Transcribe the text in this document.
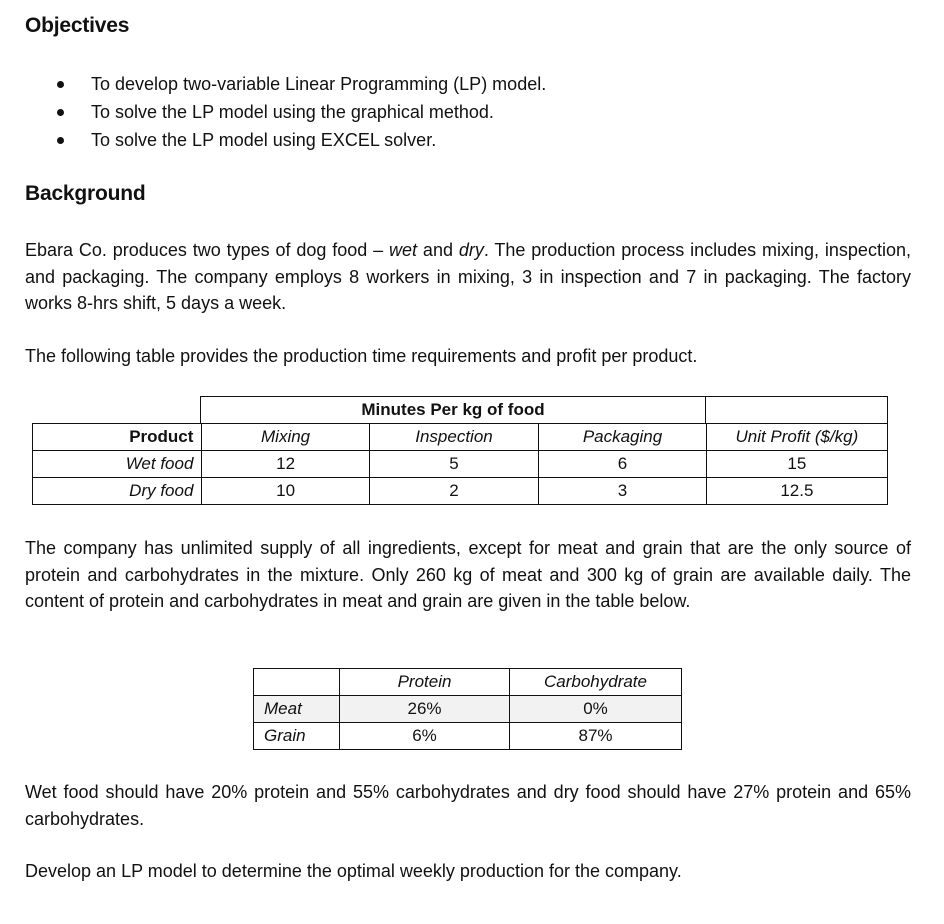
Objectives
To develop two-variable Linear Programming (LP) model.
To solve the LP model using the graphical method.
To solve the LP model using EXCEL solver.
Background

Ebara Co. produces two types of dog food – wet and dry. The production process includes mixing, inspection, and packaging. The company employs 8 workers in mixing, 3 in inspection and 7 in packaging. The factory works 8-hrs shift, 5 days a week.

The following table provides the production time requirements and profit per product.

Minutes Per kg of food
Product	Mixing	Inspection	Packaging	Unit Profit ($/kg)
Wet food	12	5	6	15
Dry food	10	2	3	12.5

The company has unlimited supply of all ingredients, except for meat and grain that are the only source of protein and carbohydrates in the mixture. Only 260 kg of meat and 300 kg of grain are available daily. The content of protein and carbohydrates in meat and grain are given in the table below.

	Protein	Carbohydrate
Meat	26%	0%
Grain	6%	87%

Wet food should have 20% protein and 55% carbohydrates and dry food should have 27% protein and 65% carbohydrates.

Develop an LP model to determine the optimal weekly production for the company.
